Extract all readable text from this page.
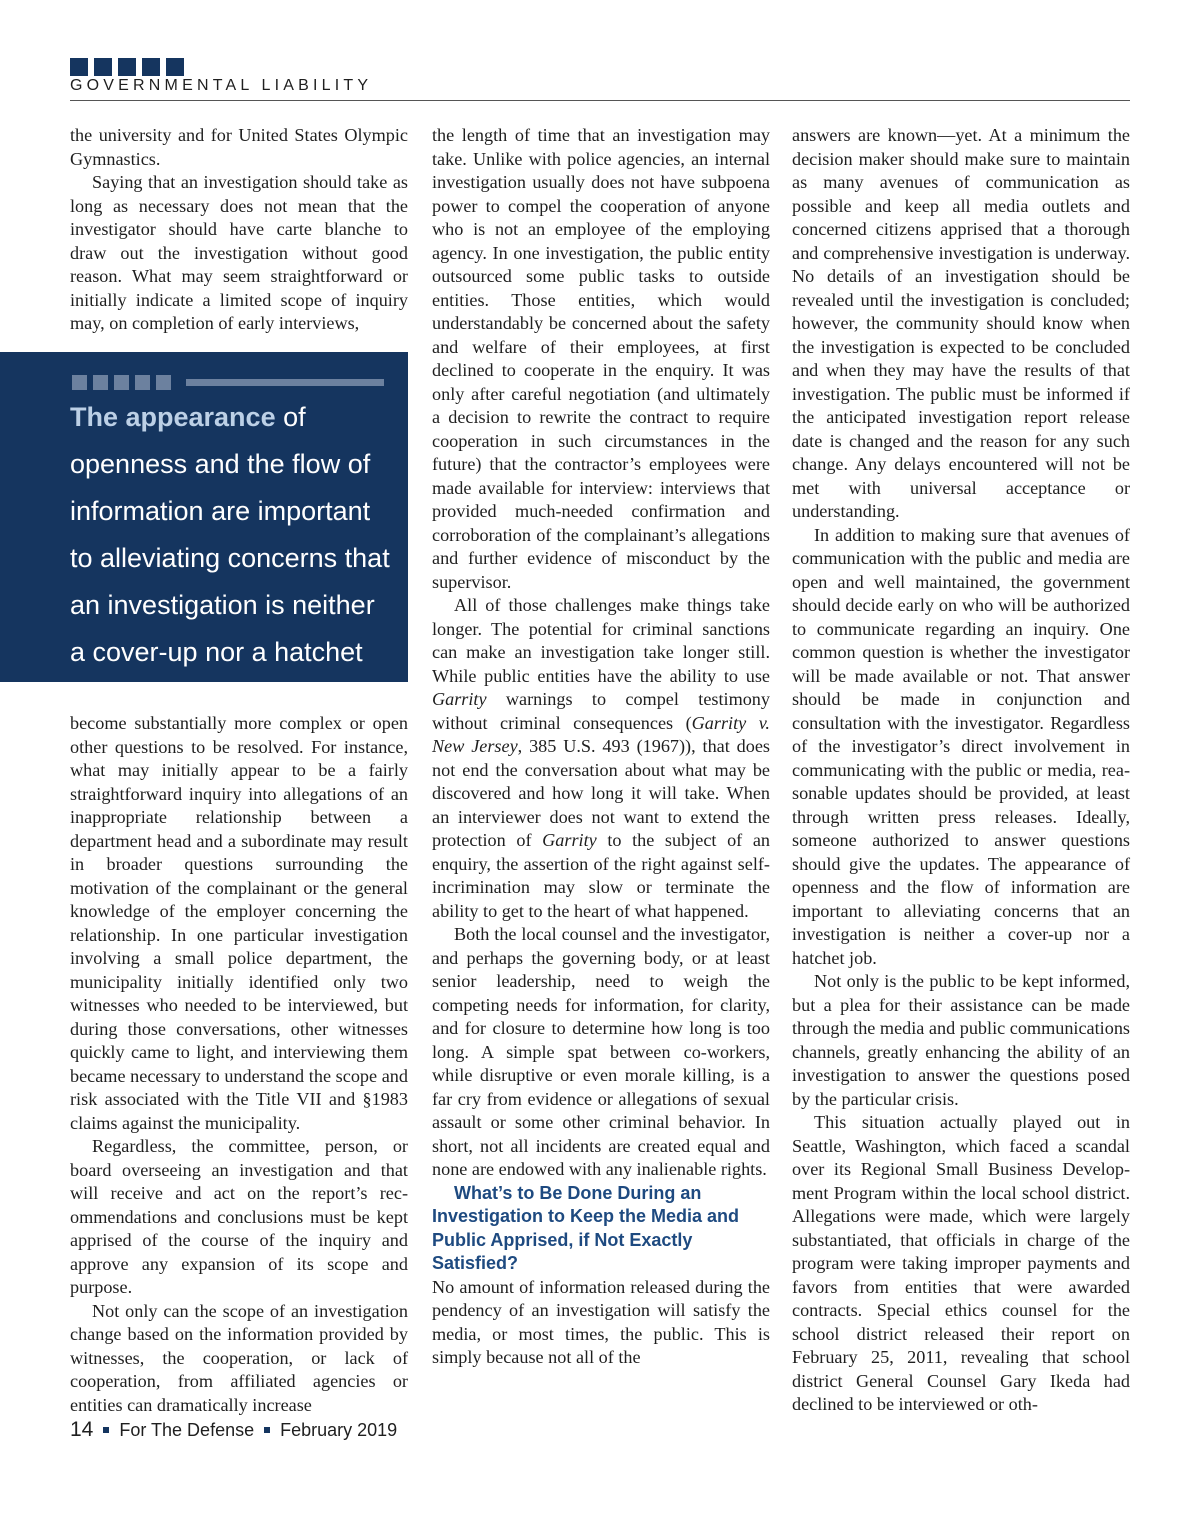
GOVERNMENTAL LIABILITY

the university and for United States Olympic Gymnastics.

Saying that an investigation should take as long as necessary does not mean that the investigator should have carte blanche to draw out the investigation without good reason. What may seem straightforward or initially indicate a limited scope of inquiry may, on completion of early interviews,

The appearance of openness and the flow of information are important to alleviating concerns that an investigation is neither a cover-up nor a hatchet job.

become substantially more complex or open other questions to be resolved. For instance, what may initially appear to be a fairly straightforward inquiry into allegations of an inappropriate relationship between a department head and a subordinate may result in broader questions surrounding the motivation of the complainant or the general knowledge of the employer concerning the relationship. In one particular investigation involving a small police department, the municipality initially identified only two witnesses who needed to be interviewed, but during those conversations, other witnesses quickly came to light, and interviewing them became necessary to understand the scope and risk associated with the Title VII and §1983 claims against the municipality.

Regardless, the committee, person, or board overseeing an investigation and that will receive and act on the report’s recommendations and conclusions must be kept apprised of the course of the inquiry and approve any expansion of its scope and purpose.

Not only can the scope of an investigation change based on the information provided by witnesses, the cooperation, or lack of cooperation, from affiliated agencies or entities can dramatically increase

the length of time that an investigation may take. Unlike with police agencies, an internal investigation usually does not have subpoena power to compel the cooperation of anyone who is not an employee of the employing agency. In one investigation, the public entity outsourced some public tasks to outside entities. Those entities, which would understandably be concerned about the safety and welfare of their employees, at first declined to cooperate in the enquiry. It was only after careful negotiation (and ultimately a decision to rewrite the contract to require cooperation in such circumstances in the future) that the contractor’s employees were made available for interview: interviews that provided much-needed confirmation and corroboration of the complainant’s allegations and further evidence of misconduct by the supervisor.

All of those challenges make things take longer. The potential for criminal sanctions can make an investigation take longer still. While public entities have the ability to use Garrity warnings to compel testimony without criminal consequences (Garrity v. New Jersey, 385 U.S. 493 (1967)), that does not end the conversation about what may be discovered and how long it will take. When an interviewer does not want to extend the protection of Garrity to the subject of an enquiry, the assertion of the right against self-incrimination may slow or terminate the ability to get to the heart of what happened.

Both the local counsel and the investigator, and perhaps the governing body, or at least senior leadership, need to weigh the competing needs for information, for clarity, and for closure to determine how long is too long. A simple spat between co-workers, while disruptive or even morale killing, is a far cry from evidence or allegations of sexual assault or some other criminal behavior. In short, not all incidents are created equal and none are endowed with any inalienable rights.

What’s to Be Done During an Investigation to Keep the Media and Public Apprised, if Not Exactly Satisfied?

No amount of information released during the pendency of an investigation will satisfy the media, or most times, the public. This is simply because not all of the

answers are known—yet. At a minimum the decision maker should make sure to maintain as many avenues of communication as possible and keep all media outlets and concerned citizens apprised that a thorough and comprehensive investigation is underway. No details of an investigation should be revealed until the investigation is concluded; however, the community should know when the investigation is expected to be concluded and when they may have the results of that investigation. The public must be informed if the anticipated investigation report release date is changed and the reason for any such change. Any delays encountered will not be met with universal acceptance or understanding.

In addition to making sure that avenues of communication with the public and media are open and well maintained, the government should decide early on who will be authorized to communicate regarding an inquiry. One common question is whether the investigator will be made available or not. That answer should be made in conjunction and consultation with the investigator. Regardless of the investigator’s direct involvement in communicating with the public or media, reasonable updates should be provided, at least through written press releases. Ideally, someone authorized to answer questions should give the updates. The appearance of openness and the flow of information are important to alleviating concerns that an investigation is neither a cover-up nor a hatchet job.

Not only is the public to be kept informed, but a plea for their assistance can be made through the media and public communications channels, greatly enhancing the ability of an investigation to answer the questions posed by the particular crisis.

This situation actually played out in Seattle, Washington, which faced a scandal over its Regional Small Business Development Program within the local school district. Allegations were made, which were largely substantiated, that officials in charge of the program were taking improper payments and favors from entities that were awarded contracts. Special ethics counsel for the school district released their report on February 25, 2011, revealing that school district General Counsel Gary Ikeda had declined to be interviewed or oth-

14 For The Defense February 2019
